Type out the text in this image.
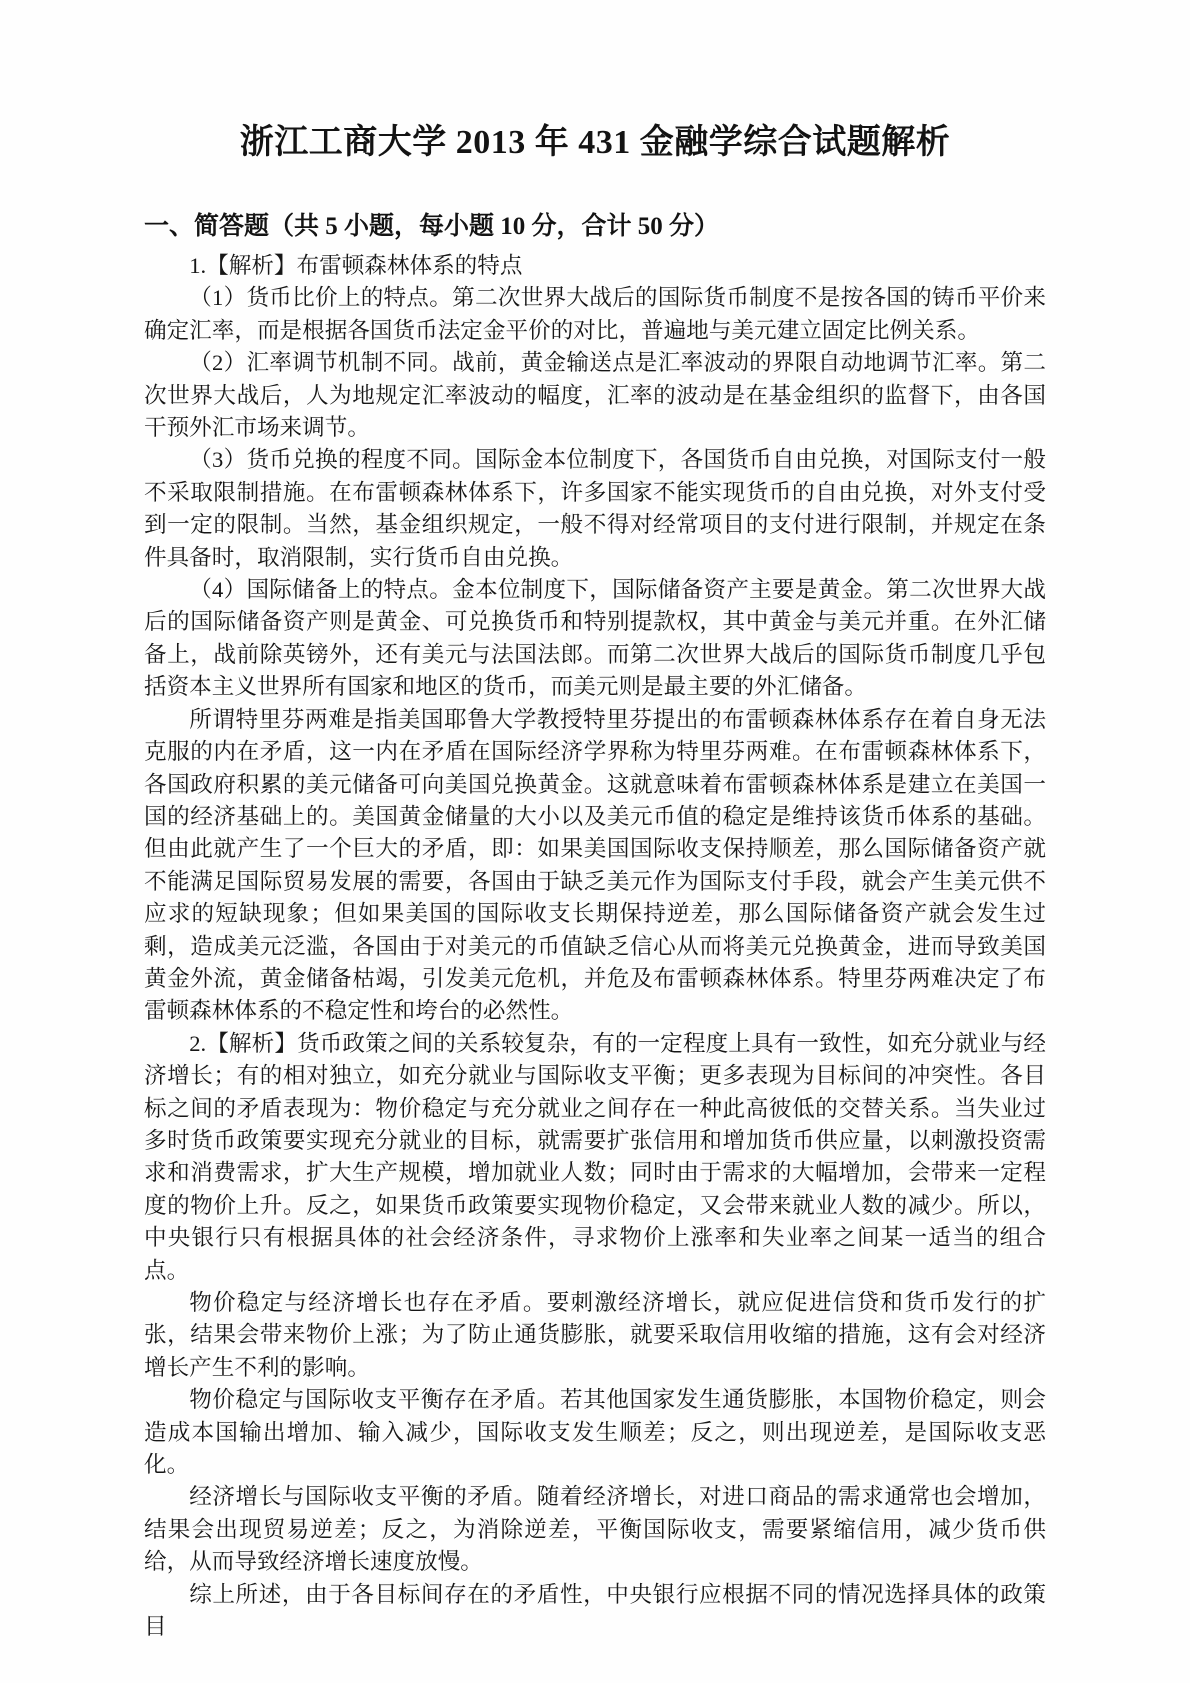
浙江工商大学 2013 年 431 金融学综合试题解析
一、简答题（共 5 小题，每小题 10 分，合计 50 分）

1.【解析】布雷顿森林体系的特点

（1）货币比价上的特点。第二次世界大战后的国际货币制度不是按各国的铸币平价来确定汇率，而是根据各国货币法定金平价的对比，普遍地与美元建立固定比例关系。

（2）汇率调节机制不同。战前，黄金输送点是汇率波动的界限自动地调节汇率。第二次世界大战后，人为地规定汇率波动的幅度，汇率的波动是在基金组织的监督下，由各国干预外汇市场来调节。

（3）货币兑换的程度不同。国际金本位制度下，各国货币自由兑换，对国际支付一般不采取限制措施。在布雷顿森林体系下，许多国家不能实现货币的自由兑换，对外支付受到一定的限制。当然，基金组织规定，一般不得对经常项目的支付进行限制，并规定在条件具备时，取消限制，实行货币自由兑换。

（4）国际储备上的特点。金本位制度下，国际储备资产主要是黄金。第二次世界大战后的国际储备资产则是黄金、可兑换货币和特别提款权，其中黄金与美元并重。在外汇储备上，战前除英镑外，还有美元与法国法郎。而第二次世界大战后的国际货币制度几乎包括资本主义世界所有国家和地区的货币，而美元则是最主要的外汇储备。

所谓特里芬两难是指美国耶鲁大学教授特里芬提出的布雷顿森林体系存在着自身无法克服的内在矛盾，这一内在矛盾在国际经济学界称为特里芬两难。在布雷顿森林体系下，各国政府积累的美元储备可向美国兑换黄金。这就意味着布雷顿森林体系是建立在美国一国的经济基础上的。美国黄金储量的大小以及美元币值的稳定是维持该货币体系的基础。但由此就产生了一个巨大的矛盾，即：如果美国国际收支保持顺差，那么国际储备资产就不能满足国际贸易发展的需要，各国由于缺乏美元作为国际支付手段，就会产生美元供不应求的短缺现象；但如果美国的国际收支长期保持逆差，那么国际储备资产就会发生过剩，造成美元泛滥，各国由于对美元的币值缺乏信心从而将美元兑换黄金，进而导致美国黄金外流，黄金储备枯竭，引发美元危机，并危及布雷顿森林体系。特里芬两难决定了布雷顿森林体系的不稳定性和垮台的必然性。

2.【解析】货币政策之间的关系较复杂，有的一定程度上具有一致性，如充分就业与经济增长；有的相对独立，如充分就业与国际收支平衡；更多表现为目标间的冲突性。各目标之间的矛盾表现为：物价稳定与充分就业之间存在一种此高彼低的交替关系。当失业过多时货币政策要实现充分就业的目标，就需要扩张信用和增加货币供应量，以刺激投资需求和消费需求，扩大生产规模，增加就业人数；同时由于需求的大幅增加，会带来一定程度的物价上升。反之，如果货币政策要实现物价稳定，又会带来就业人数的减少。所以，中央银行只有根据具体的社会经济条件，寻求物价上涨率和失业率之间某一适当的组合点。

物价稳定与经济增长也存在矛盾。要刺激经济增长，就应促进信贷和货币发行的扩张，结果会带来物价上涨；为了防止通货膨胀，就要采取信用收缩的措施，这有会对经济增长产生不利的影响。

物价稳定与国际收支平衡存在矛盾。若其他国家发生通货膨胀，本国物价稳定，则会造成本国输出增加、输入减少，国际收支发生顺差；反之，则出现逆差，是国际收支恶化。

经济增长与国际收支平衡的矛盾。随着经济增长，对进口商品的需求通常也会增加，结果会出现贸易逆差；反之，为消除逆差，平衡国际收支，需要紧缩信用，减少货币供给，从而导致经济增长速度放慢。

综上所述，由于各目标间存在的矛盾性，中央银行应根据不同的情况选择具体的政策目
